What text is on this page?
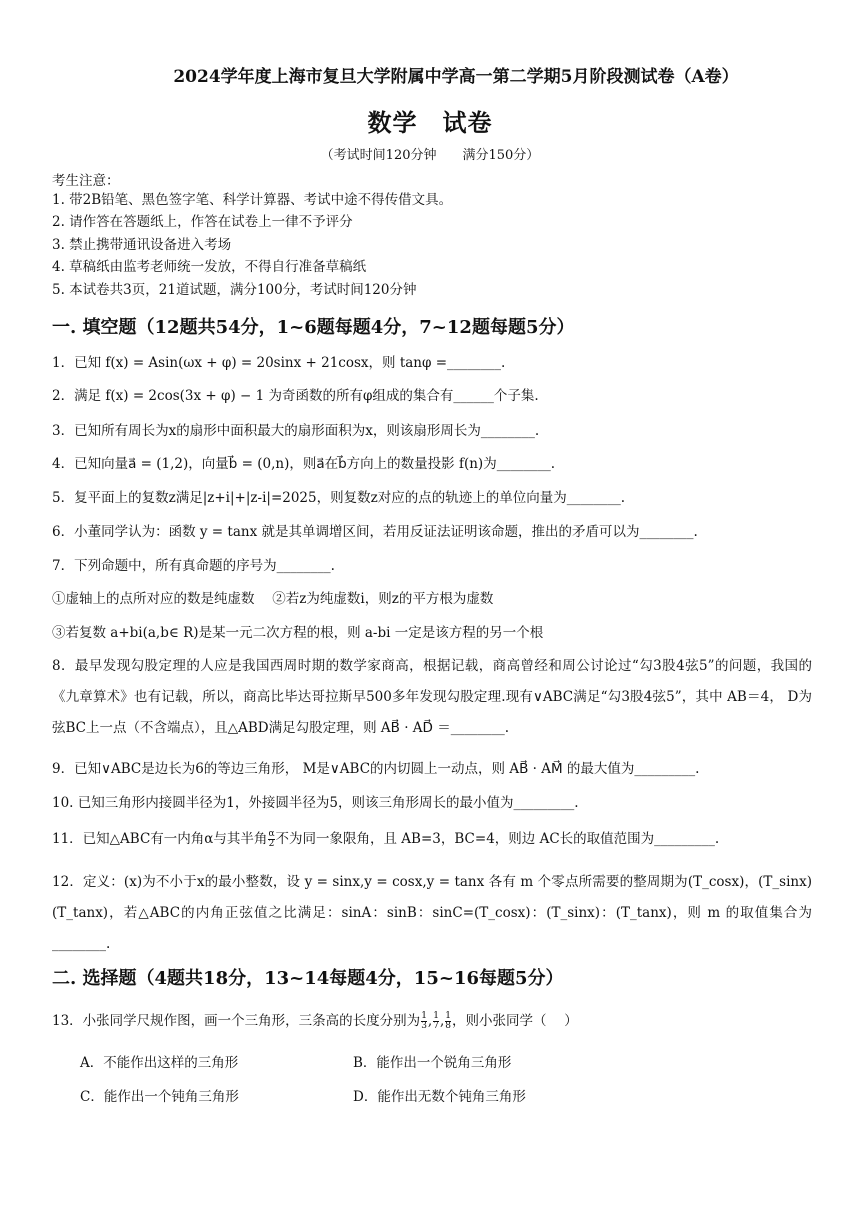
2024学年度上海市复旦大学附属中学高一第二学期5月阶段测试卷（A卷）
数学　试卷
（考试时间120分钟　　满分150分）
考生注意：
1. 带2B铅笔、黑色签字笔、科学计算器、考试中途不得传借文具。
2. 请作答在答题纸上，作答在试卷上一律不予评分
3. 禁止携带通讯设备进入考场
4. 草稿纸由监考老师统一发放，不得自行准备草稿纸
5. 本试卷共3页，21道试题，满分100分，考试时间120分钟
一. 填空题（12题共54分，1~6题每题4分，7~12题每题5分）
1．已知 f(x) = Asin(ωx + φ) = 20sinx + 21cosx，则 tanφ =________.
2．满足 f(x) = 2cos(3x + φ) − 1 为奇函数的所有φ组成的集合有______个子集.
3．已知所有周长为x的扇形中面积最大的扇形面积为x，则该扇形周长为________.
4．已知向量a⃗ = (1,2)，向量b⃗ = (0,n)，则a⃗在b⃗方向上的数量投影 f(n)为________.
5．复平面上的复数z满足|z+i|+|z-i|=2025，则复数z对应的点的轨迹上的单位向量为________.
6．小董同学认为：函数 y = tanx 就是其单调增区间，若用反证法证明该命题，推出的矛盾可以为________.
7．下列命题中，所有真命题的序号为________.
①虚轴上的点所对应的数是纯虚数　 ②若z为纯虚数i，则z的平方根为虚数
③若复数 a+bi(a,b∈ R)是某一元二次方程的根，则 a-bi 一定是该方程的另一个根
8．最早发现勾股定理的人应是我国西周时期的数学家商高，根据记载，商高曾经和周公讨论过“勾3股4弦5”的问题，我国的《九章算术》也有记载，所以，商高比毕达哥拉斯早500多年发现勾股定理.现有∨ABC满足“勾3股4弦5”，其中 AB＝4， D为弦BC上一点（不含端点），且△ABD满足勾股定理，则 AB⃗ · AD⃗ ＝________.
9．已知∨ABC是边长为6的等边三角形， M是∨ABC的内切圆上一动点，则 AB⃗ · AM⃗ 的最大值为_________.
10. 已知三角形内接圆半径为1，外接圆半径为5，则该三角形周长的最小值为_________.
11．已知△ABC有一内角α与其半角 $\frac{\alpha}{2}$ 不为同一象限角，且 AB=3，BC=4，则边 AC长的取值范围为_________.
12．定义：(x)为不小于x的最小整数，设 y = sinx,y = cosx,y = tanx 各有 m 个零点所需要的整周期为(T_cosx)，(T_sinx)(T_tanx)，若△ABC的内角正弦值之比满足：sinA：sinB：sinC=(T_cosx)：(T_sinx)：(T_tanx)，则 m 的取值集合为________.
二. 选择题（4题共18分，13~14每题4分，15~16每题5分）
13．小张同学尺规作图，画一个三角形，三条高的长度分别为 $\frac{1}{3}$ , $\frac{1}{7}$ , $\frac{1}{8}$ ，则小张同学（　 ）
A．不能作出这样的三角形	B．能作出一个锐角三角形
C．能作出一个钝角三角形	D．能作出无数个钝角三角形
